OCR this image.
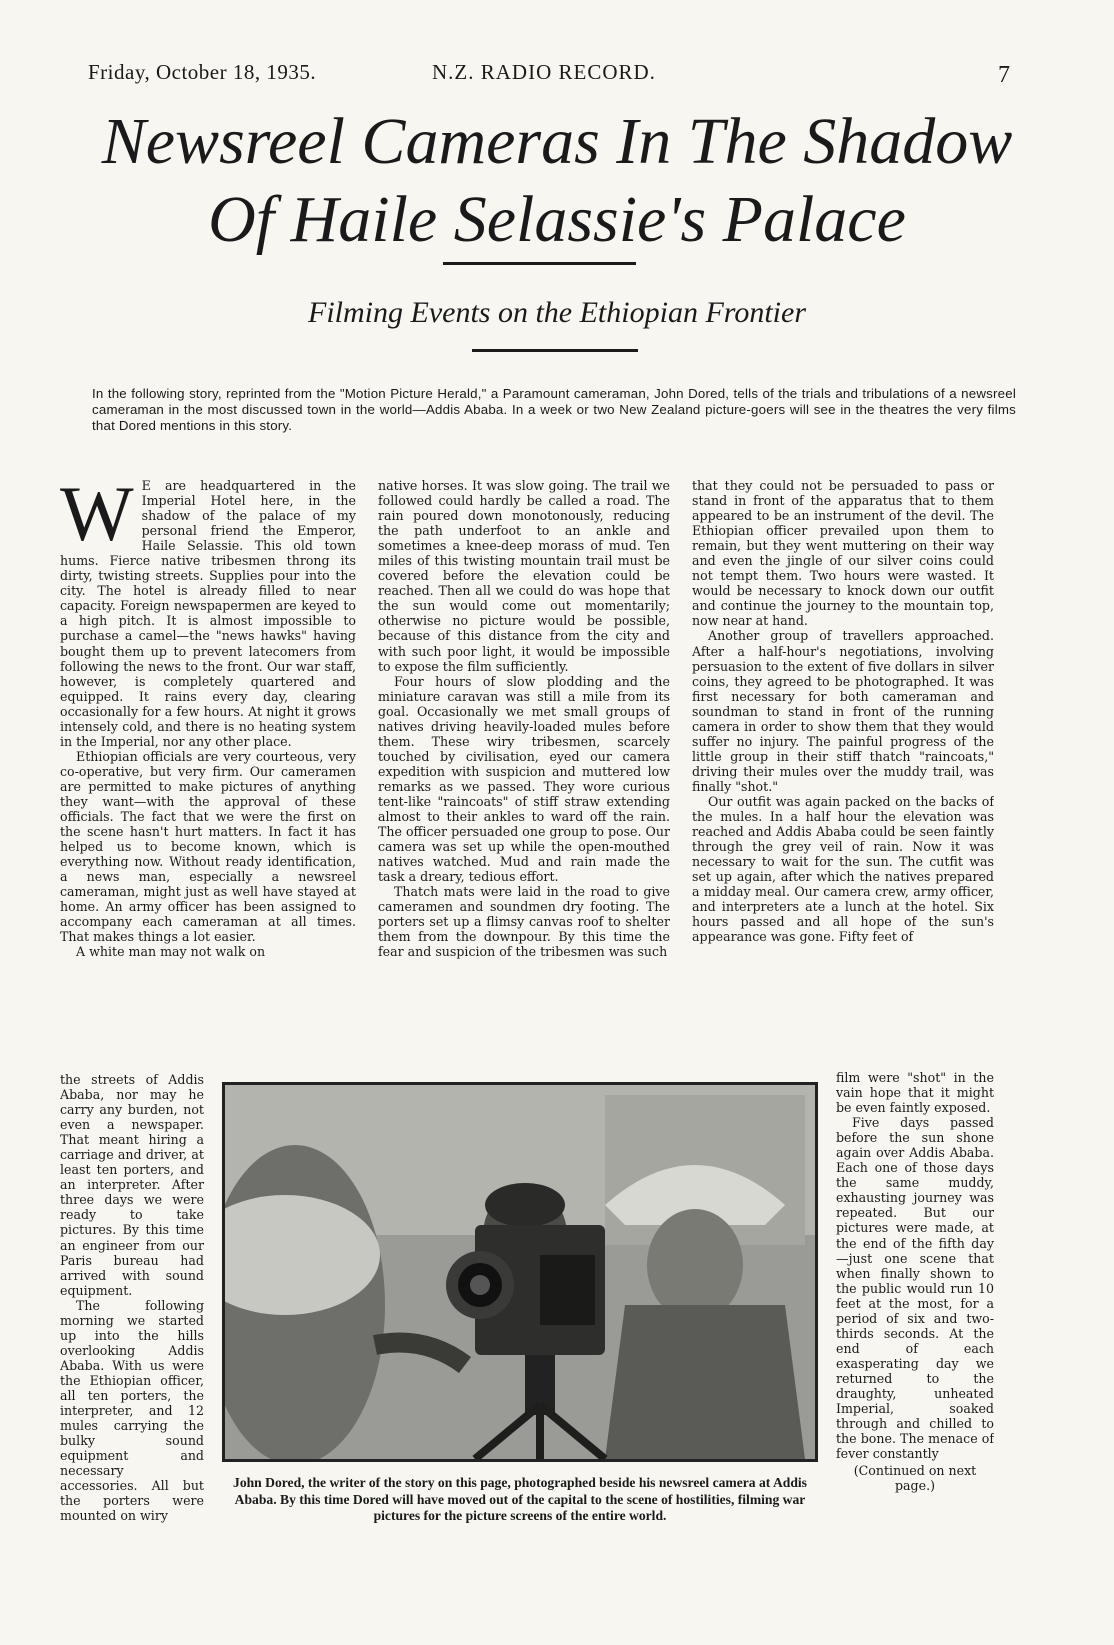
Friday, October 18, 1935.	N.Z. RADIO RECORD.	7
Newsreel Cameras In The Shadow
Of Haile Selassie's Palace
Filming Events on the Ethiopian Frontier
In the following story, reprinted from the "Motion Picture Herald," a Paramount cameraman, John Dored, tells of the trials and tribulations of a newsreel cameraman in the most discussed town in the world—Addis Ababa. In a week or two New Zealand picture-goers will see in the theatres the very films that Dored mentions in this story.
W E are headquartered in the Imperial Hotel here, in the shadow of the palace of my personal friend the Emperor, Haile Selassie. This old town hums. Fierce native tribesmen throng its dirty, twisting streets. Supplies pour into the city. The hotel is already filled to near capacity. Foreign newspapermen are keyed to a high pitch. It is almost impossible to purchase a camel—the "news hawks" having bought them up to prevent latecomers from following the news to the front. Our war staff, however, is completely quartered and equipped. It rains every day, clearing occasionally for a few hours. At night it grows intensely cold, and there is no heating system in the Imperial, nor any other place.

Ethiopian officials are very courteous, very co-operative, but very firm. Our cameramen are permitted to make pictures of anything they want—with the approval of these officials. The fact that we were the first on the scene hasn't hurt matters. In fact it has helped us to become known, which is everything now. Without ready identification, a news man, especially a newsreel cameraman, might just as well have stayed at home. An army officer has been assigned to accompany each cameraman at all times. That makes things a lot easier.

A white man may not walk on

the streets of Addis Ababa, nor may he carry any burden, not even a newspaper. That meant hiring a carriage and driver, at least ten porters, and an interpreter. After three days we were ready to take pictures. By this time an engineer from our Paris bureau had arrived with sound equipment.

The following morning we started up into the hills overlooking Addis Ababa. With us were the Ethiopian officer, all ten porters, the interpreter, and 12 mules carrying the bulky sound equipment and necessary accessories. All but the porters were mounted on wiry

native horses. It was slow going. The trail we followed could hardly be called a road. The rain poured down monotonously, reducing the path underfoot to an ankle and sometimes a knee-deep morass of mud. Ten miles of this twisting mountain trail must be covered before the elevation could be reached. Then all we could do was hope that the sun would come out momentarily; otherwise no picture would be possible, because of this distance from the city and with such poor light, it would be impossible to expose the film sufficiently.

Four hours of slow plodding and the miniature caravan was still a mile from its goal. Occasionally we met small groups of natives driving heavily-loaded mules before them. These wiry tribesmen, scarcely touched by civilisation, eyed our camera expedition with suspicion and muttered low remarks as we passed. They wore curious tent-like "raincoats" of stiff straw extending almost to their ankles to ward off the rain. The officer persuaded one group to pose. Our camera was set up while the open-mouthed natives watched. Mud and rain made the task a dreary, tedious effort.

Thatch mats were laid in the road to give cameramen and soundmen dry footing. The porters set up a flimsy canvas roof to shelter them from the downpour. By this time the fear and suspicion of the tribesmen was such

that they could not be persuaded to pass or stand in front of the apparatus that to them appeared to be an instrument of the devil. The Ethiopian officer prevailed upon them to remain, but they went muttering on their way and even the jingle of our silver coins could not tempt them. Two hours were wasted. It would be necessary to knock down our outfit and continue the journey to the mountain top, now near at hand.

Another group of travellers approached. After a half-hour's negotiations, involving persuasion to the extent of five dollars in silver coins, they agreed to be photographed. It was first necessary for both cameraman and soundman to stand in front of the running camera in order to show them that they would suffer no injury. The painful progress of the little group in their stiff thatch "raincoats," driving their mules over the muddy trail, was finally "shot."

Our outfit was again packed on the backs of the mules. In a half hour the elevation was reached and Addis Ababa could be seen faintly through the grey veil of rain. Now it was necessary to wait for the sun. The cutfit was set up again, after which the natives prepared a midday meal. Our camera crew, army officer, and interpreters ate a lunch at the hotel. Six hours passed and all hope of the sun's appearance was gone. Fifty feet of

film were "shot" in the vain hope that it might be even faintly exposed.

Five days passed before the sun shone again over Addis Ababa. Each one of those days the same muddy, exhausting journey was repeated. But our pictures were made, at the end of the fifth day—just one scene that when finally shown to the public would run 10 feet at the most, for a period of six and two-thirds seconds. At the end of each exasperating day we returned to the draughty, unheated Imperial, soaked through and chilled to the bone. The menace of fever constantly

(Continued on next page.)

John Dored, the writer of the story on this page, photographed beside his newsreel camera at Addis Ababa. By this time Dored will have moved out of the capital to the scene of hostilities, filming war pictures for the picture screens of the entire world.
